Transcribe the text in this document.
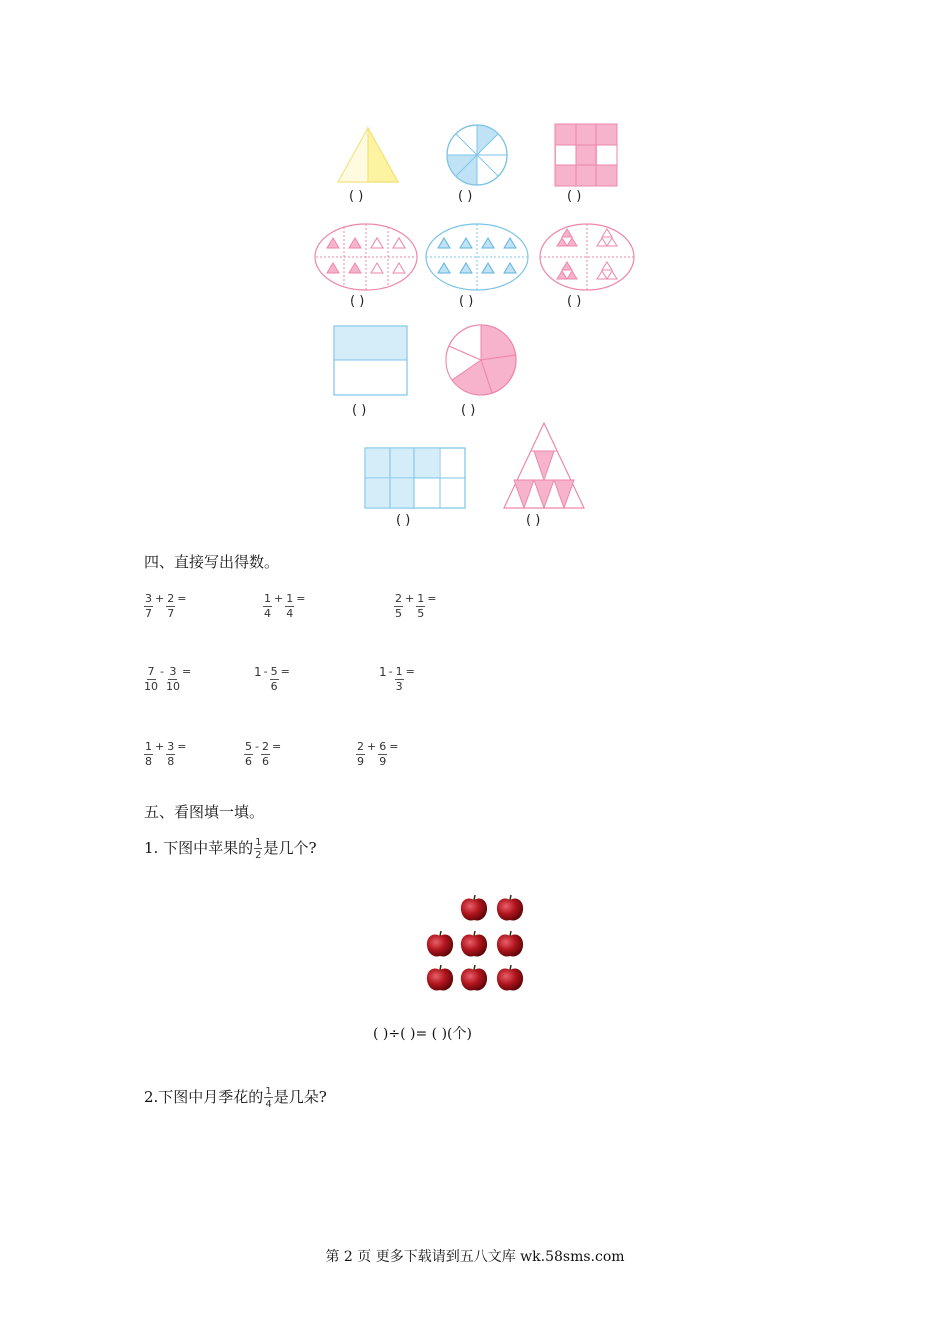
( )	( )	( )
( )	( )	( )
( )	( )
( )	( )
四、直接写出得数。
$\frac{3}{7} + \frac{2}{7}$ =	$\frac{1}{4} + \frac{1}{4}$ =	$\frac{2}{5} + \frac{1}{5}$ =
$\frac{7}{10} - \frac{3}{10}$ =	$1 - \frac{5}{6}$ =	$1 - \frac{1}{3}$ =
$\frac{1}{8} + \frac{3}{8}$ =	$\frac{5}{6} - \frac{2}{6}$ =	$\frac{2}{9} + \frac{6}{9}$ =
五、看图填一填。
1. 下图中苹果的 $\frac{1}{2}$ 是几个?
( )÷( )= ( )(个)
2.下图中月季花的 $\frac{1}{4}$ 是几朵?
第 2 页 更多下载请到五八文库 wk.58sms.com
